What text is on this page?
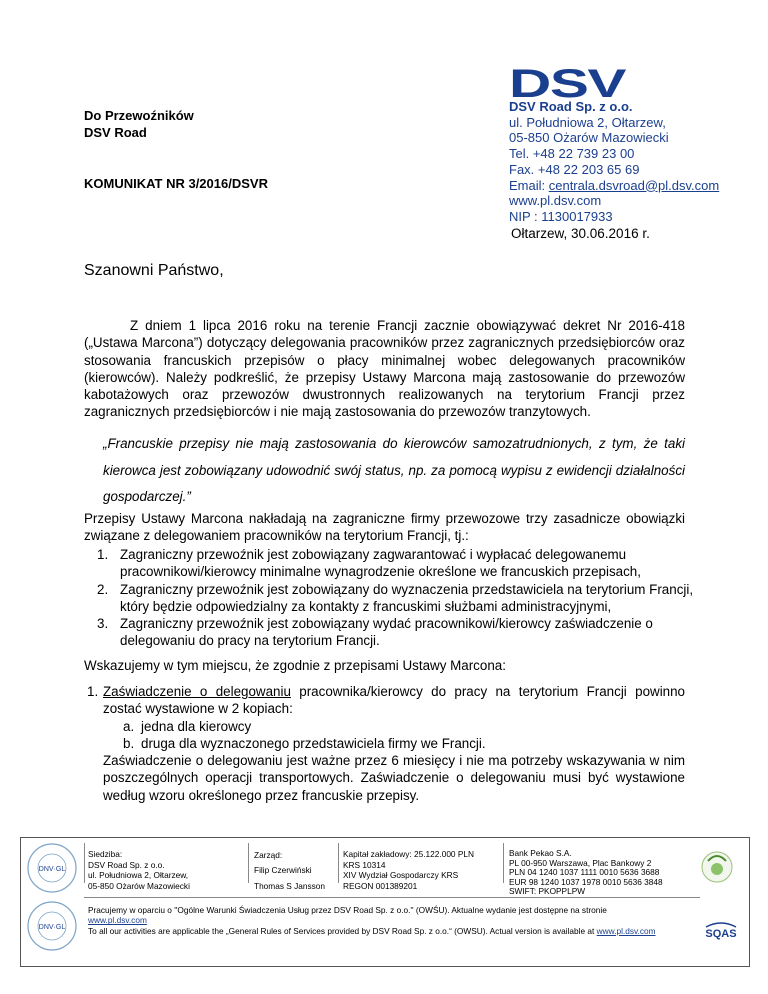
Do Przewoźników
DSV Road
KOMUNIKAT NR 3/2016/DSVR
DSV
DSV Road Sp. z o.o.
ul. Południowa 2, Ołtarzew,
05-850 Ożarów Mazowiecki
Tel. +48 22 739 23 00
Fax. +48 22 203 65 69
Email: centrala.dsvroad@pl.dsv.com
www.pl.dsv.com
NIP : 1130017933
Ołtarzew, 30.06.2016 r.
Szanowni Państwo,
Z dniem 1 lipca 2016 roku na terenie Francji zacznie obowiązywać dekret Nr 2016-418 („Ustawa Marcona”) dotyczący delegowania pracowników przez zagranicznych przedsiębiorców oraz stosowania francuskich przepisów o płacy minimalnej wobec delegowanych pracowników (kierowców). Należy podkreślić, że przepisy Ustawy Marcona mają zastosowanie do przewozów kabotażowych oraz przewozów dwustronnych realizowanych na terytorium Francji przez zagranicznych przedsiębiorców i nie mają zastosowania do przewozów tranzytowych.
„Francuskie przepisy nie mają zastosowania do kierowców samozatrudnionych, z tym, że taki kierowca jest zobowiązany udowodnić swój status, np. za pomocą wypisu z ewidencji działalności gospodarczej.”
Przepisy Ustawy Marcona nakładają na zagraniczne firmy przewozowe trzy zasadnicze obowiązki związane z delegowaniem pracowników na terytorium Francji, tj.:
1. Zagraniczny przewoźnik jest zobowiązany zagwarantować i wypłacać delegowanemu pracownikowi/kierowcy minimalne wynagrodzenie określone we francuskich przepisach,
2. Zagraniczny przewoźnik jest zobowiązany do wyznaczenia przedstawiciela na terytorium Francji, który będzie odpowiedzialny za kontakty z francuskimi służbami administracyjnymi,
3. Zagraniczny przewoźnik jest zobowiązany wydać pracownikowi/kierowcy zaświadczenie o delegowaniu do pracy na terytorium Francji.
Wskazujemy w tym miejscu, że zgodnie z przepisami Ustawy Marcona:
1. Zaświadczenie o delegowaniu pracownika/kierowcy do pracy na terytorium Francji powinno zostać wystawione w 2 kopiach:
a. jedna dla kierowcy
b. druga dla wyznaczonego przedstawiciela firmy we Francji.
Zaświadczenie o delegowaniu jest ważne przez 6 miesięcy i nie ma potrzeby wskazywania w nim poszczególnych operacji transportowych. Zaświadczenie o delegowaniu musi być wystawione według wzoru określonego przez francuskie przepisy.
DNV·GL
DNV·GL
Siedziba:
DSV Road Sp. z o.o.
ul. Południowa 2, Ołtarzew,
05-850 Ożarów Mazowiecki
Zarząd:
Filip Czerwiński
Thomas S Jansson
Kapitał zakładowy: 25.122.000 PLN
KRS 10314
XIV Wydział Gospodarczy KRS
REGON 001389201
Bank Pekao S.A.
PL 00-950 Warszawa, Plac Bankowy 2
PLN 04 1240 1037 1111 0010 5636 3688
EUR 98 1240 1037 1978 0010 5636 3848
SWIFT: PKOPPLPW
SQAS
Pracujemy w oparciu o ''Ogólne Warunki Świadczenia Usług przez DSV Road Sp. z o.o.'' (OWŚU). Aktualne wydanie jest dostępne na stronie
www.pl.dsv.com
To all our activities are applicable the „General Rules of Services provided by DSV Road Sp. z o.o.“ (OWSU). Actual version is available at www.pl.dsv.com
